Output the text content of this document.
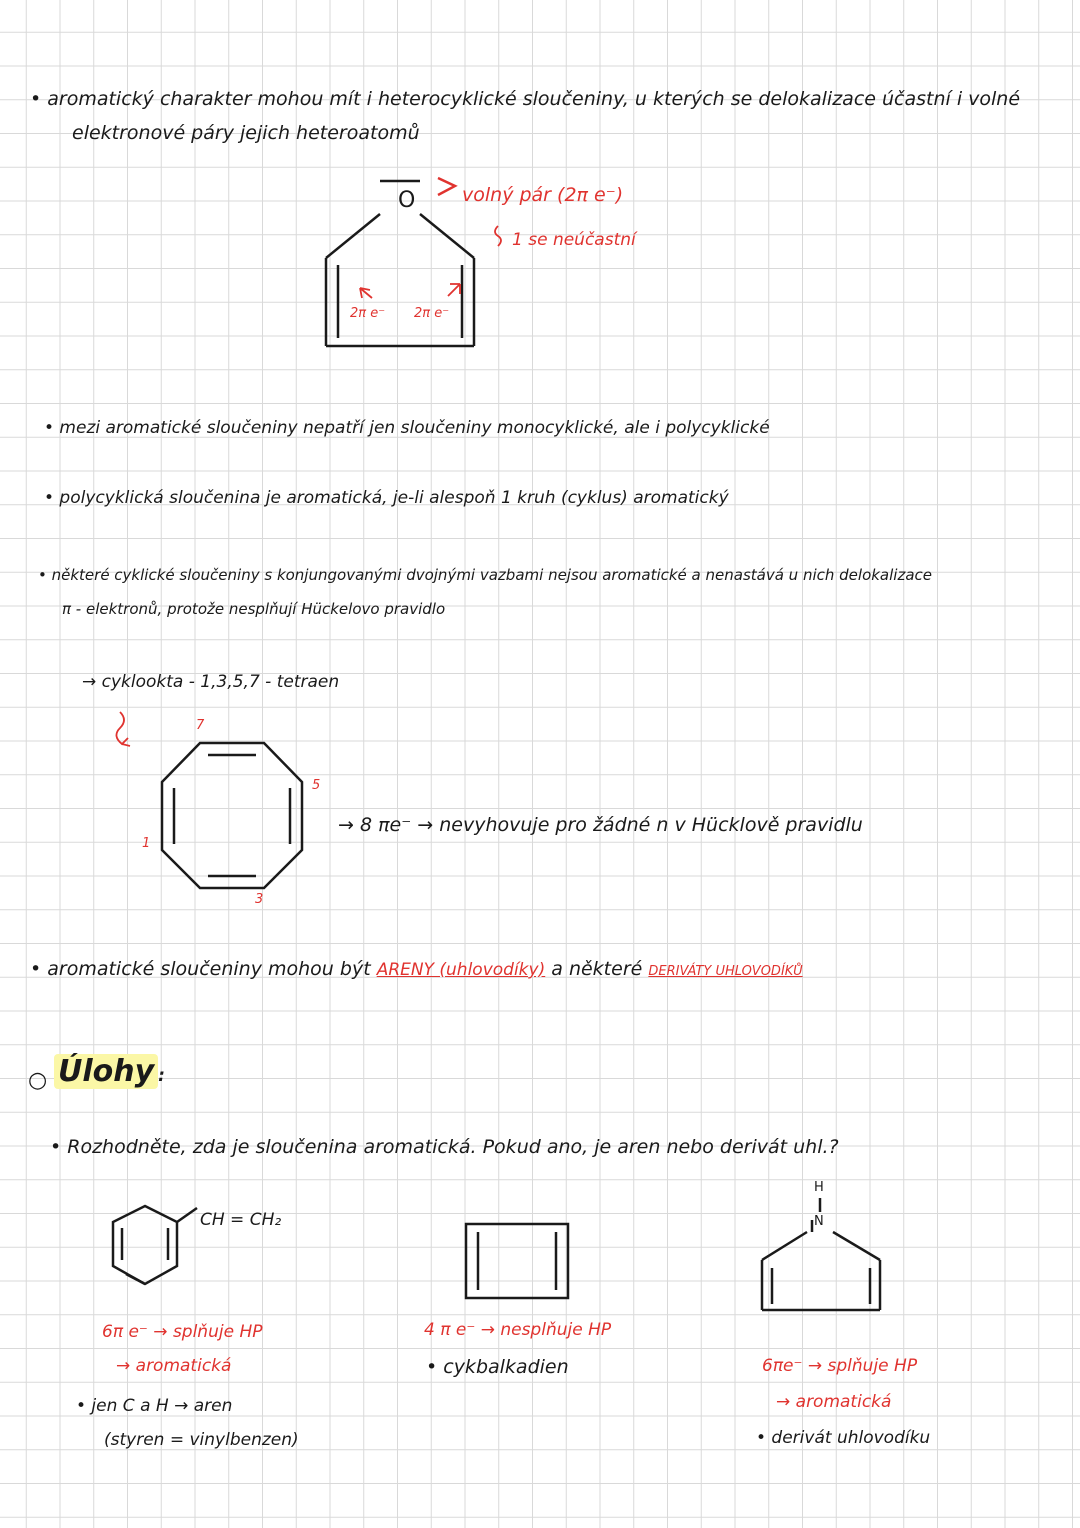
• aromatický charakter mohou mít i heterocyklické sloučeniny, u kterých se delokalizace účastní i volné
elektronové páry jejich heteroatomů
O volný pár (2π e⁻)
1 se neúčastní
2π e⁻ 2π e⁻
• mezi aromatické sloučeniny nepatří jen sloučeniny monocyklické, ale i polycyklické
• polycyklická sloučenina je aromatická, je-li alespoň 1 kruh (cyklus) aromatický
• některé cyklické sloučeniny s konjungovanými dvojnými vazbami nejsou aromatické a nenastává u nich delokalizace
π - elektronů, protože nesplňují Hückelovo pravidlo
→ cyklookta - 1,3,5,7 - tetraen
7
5
1
3
→ 8 πe⁻ → nevyhovuje pro žádné n v Hücklově pravidlu
• aromatické sloučeniny mohou být ARENY (uhlovodíky) a některé DERIVÁTY UHLOVODÍKŮ
○ Úlohy :
• Rozhodněte, zda je sloučenina aromatická. Pokud ano, je aren nebo derivát uhl.?
CH = CH₂
6π e⁻ → splňuje HP
→ aromatická
• jen C a H → aren
(styren = vinylbenzen)
4 π e⁻ → nesplňuje HP
• cykbalkadien
H
N
6πe⁻ → splňuje HP
→ aromatická
• derivát uhlovodíku
